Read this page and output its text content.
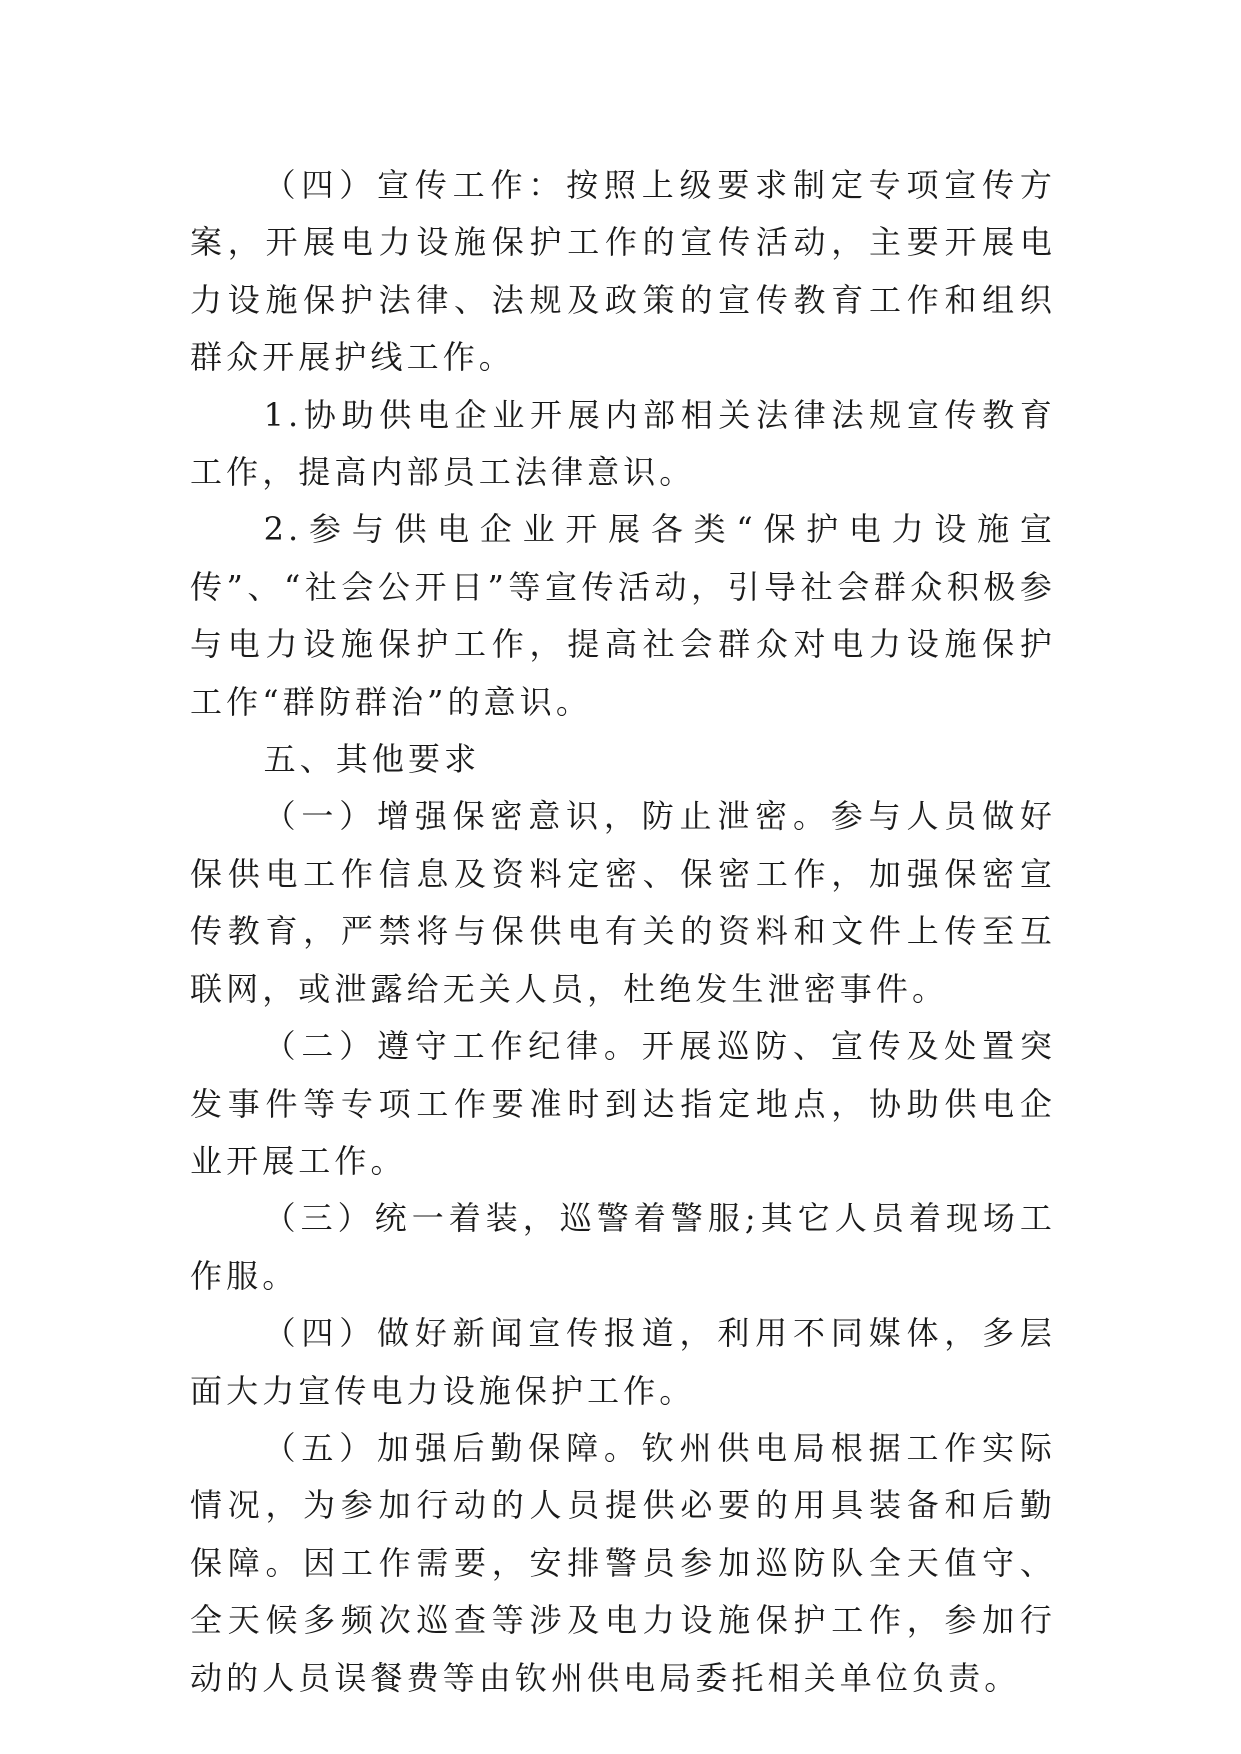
（四）宣传工作：按照上级要求制定专项宣传方案，开展电力设施保护工作的宣传活动，主要开展电力设施保护法律、法规及政策的宣传教育工作和组织群众开展护线工作。

1.协助供电企业开展内部相关法律法规宣传教育工作，提高内部员工法律意识。

2.参与供电企业开展各类“保护电力设施宣传”、“社会公开日”等宣传活动，引导社会群众积极参与电力设施保护工作，提高社会群众对电力设施保护工作“群防群治”的意识。

五、其他要求

（一）增强保密意识，防止泄密。参与人员做好保供电工作信息及资料定密、保密工作，加强保密宣传教育，严禁将与保供电有关的资料和文件上传至互联网，或泄露给无关人员，杜绝发生泄密事件。

（二）遵守工作纪律。开展巡防、宣传及处置突发事件等专项工作要准时到达指定地点，协助供电企业开展工作。

（三）统一着装，巡警着警服;其它人员着现场工作服。

（四）做好新闻宣传报道，利用不同媒体，多层面大力宣传电力设施保护工作。

（五）加强后勤保障。钦州供电局根据工作实际情况，为参加行动的人员提供必要的用具装备和后勤保障。因工作需要，安排警员参加巡防队全天值守、全天候多频次巡查等涉及电力设施保护工作，参加行动的人员误餐费等由钦州供电局委托相关单位负责。
